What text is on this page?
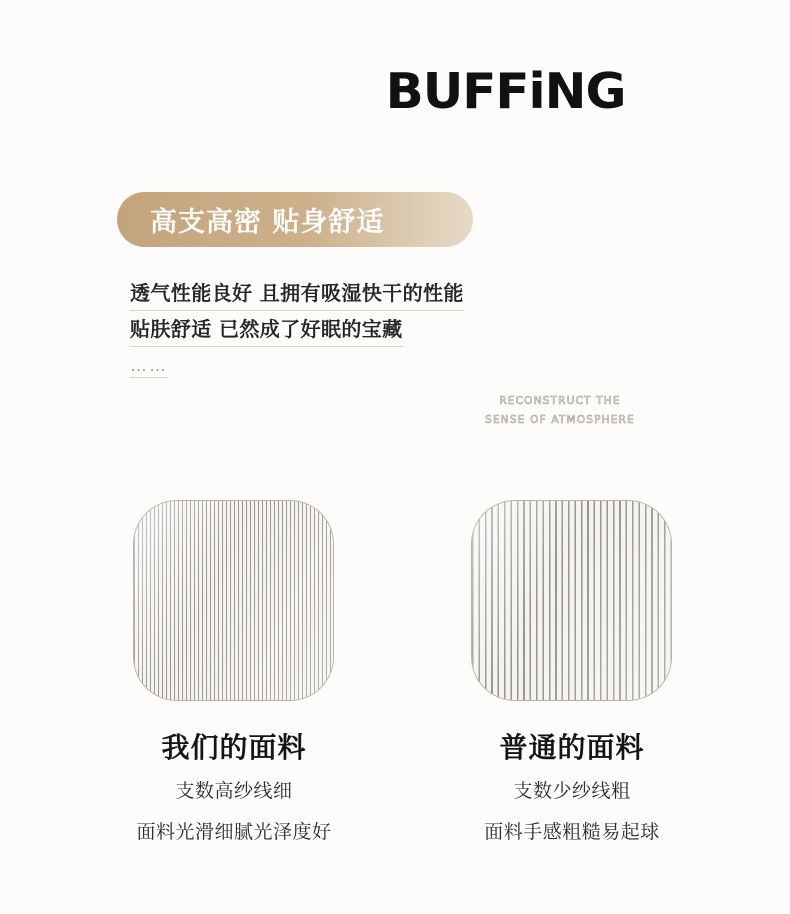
BUFFiNG
高支高密 贴身舒适
透气性能良好 且拥有吸湿快干的性能
贴肤舒适 已然成了好眠的宝藏
……
RECONSTRUCT THE
SENSE OF ATMOSPHERE
我们的面料
支数高纱线细
面料光滑细腻光泽度好
普通的面料
支数少纱线粗
面料手感粗糙易起球
